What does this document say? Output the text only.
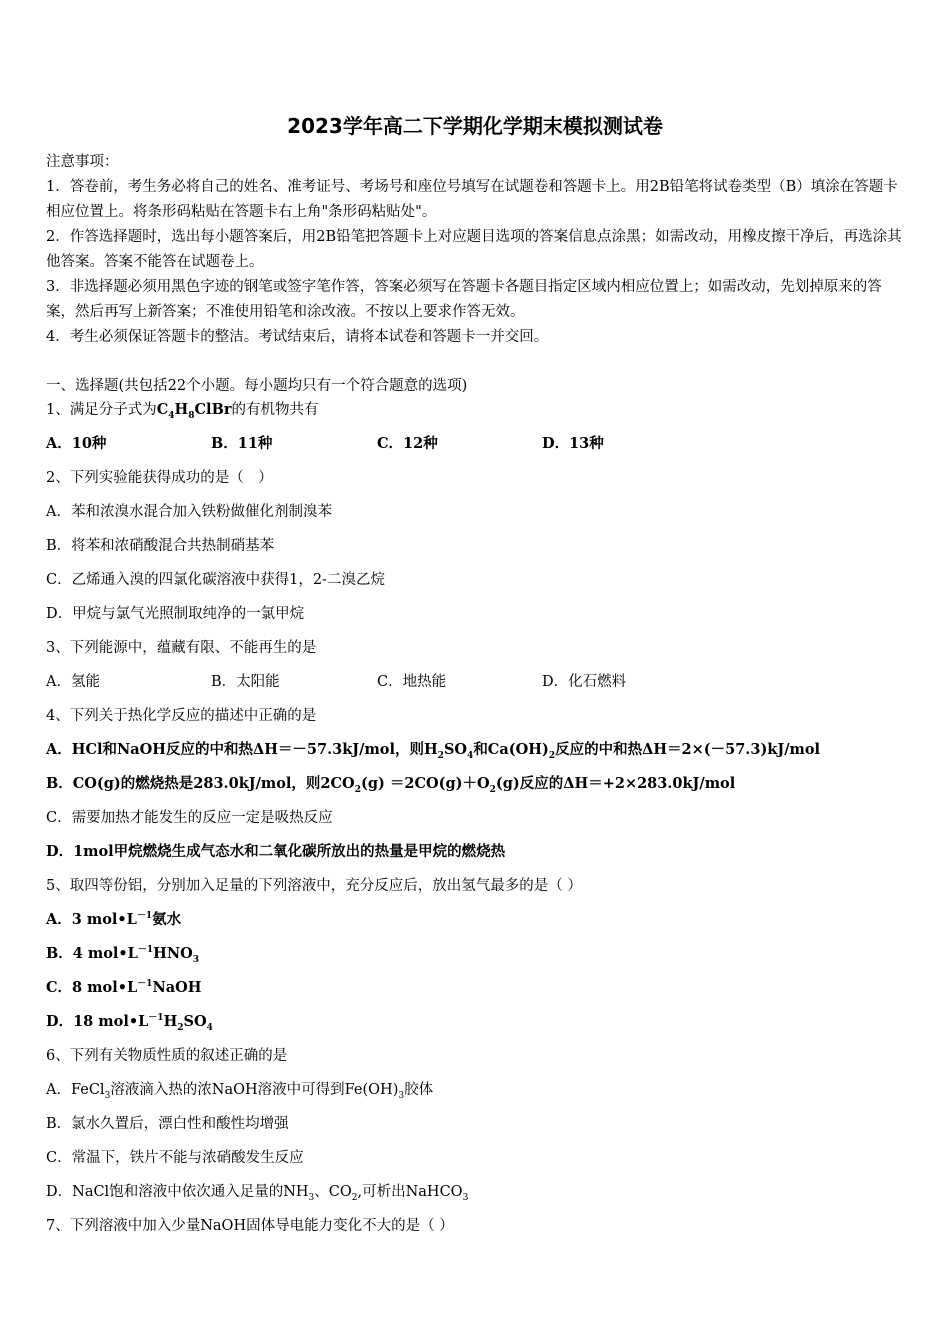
2023学年高二下学期化学期末模拟测试卷

注意事项：

1．答卷前，考生务必将自己的姓名、准考证号、考场号和座位号填写在试题卷和答题卡上。用2B铅笔将试卷类型（B）填涂在答题卡相应位置上。将条形码粘贴在答题卡右上角"条形码粘贴处"。

2．作答选择题时，选出每小题答案后，用2B铅笔把答题卡上对应题目选项的答案信息点涂黑；如需改动，用橡皮擦干净后，再选涂其他答案。答案不能答在试题卷上。

3．非选择题必须用黑色字迹的钢笔或签字笔作答，答案必须写在答题卡各题目指定区域内相应位置上；如需改动，先划掉原来的答案，然后再写上新答案；不准使用铅笔和涂改液。不按以上要求作答无效。

4．考生必须保证答题卡的整洁。考试结束后，请将本试卷和答题卡一并交回。

一、选择题(共包括22个小题。每小题均只有一个符合题意的选项)
1、满足分子式为$C_4H_8ClBr$的有机物共有
A．10种	B．11种	C．12种	D．13种
2、下列实验能获得成功的是（　）
A．苯和浓溴水混合加入铁粉做催化剂制溴苯
B．将苯和浓硝酸混合共热制硝基苯
C．乙烯通入溴的四氯化碳溶液中获得1，2-二溴乙烷
D．甲烷与氯气光照制取纯净的一氯甲烷
3、下列能源中，蕴藏有限、不能再生的是
A．氢能	B．太阳能	C．地热能	D．化石燃料
4、下列关于热化学反应的描述中正确的是
A．HCl和NaOH反应的中和热ΔH＝－57.3kJ/mol，则$H_2SO_4$和$Ca(OH)_2$反应的中和热ΔH＝2×(－57.3)kJ/mol
B．CO(g)的燃烧热是283.0kJ/mol，则$2CO_2(g) =2CO(g)+O_2(g)$反应的ΔH＝+2×283.0kJ/mol
C．需要加热才能发生的反应一定是吸热反应
D．1mol甲烷燃烧生成气态水和二氧化碳所放出的热量是甲烷的燃烧热
5、取四等份铝，分别加入足量的下列溶液中，充分反应后，放出氢气最多的是（ ）
A．3 $mol•L^{-1}$氨水
B．4 $mol•L^{-1}HNO_3$
C．8 $mol•L^{-1}NaOH$
D．18 $mol•L^{-1}H_2SO_4$
6、下列有关物质性质的叙述正确的是
A．FeCl$_3$溶液滴入热的浓NaOH溶液中可得到$Fe(OH)_3$胶体
B．氯水久置后，漂白性和酸性均增强
C．常温下，铁片不能与浓硝酸发生反应
D．NaCl饱和溶液中依次通入足量的$NH_3$、$CO_2$,可析出NaHCO$_3$
7、下列溶液中加入少量NaOH固体导电能力变化不大的是（ ）
